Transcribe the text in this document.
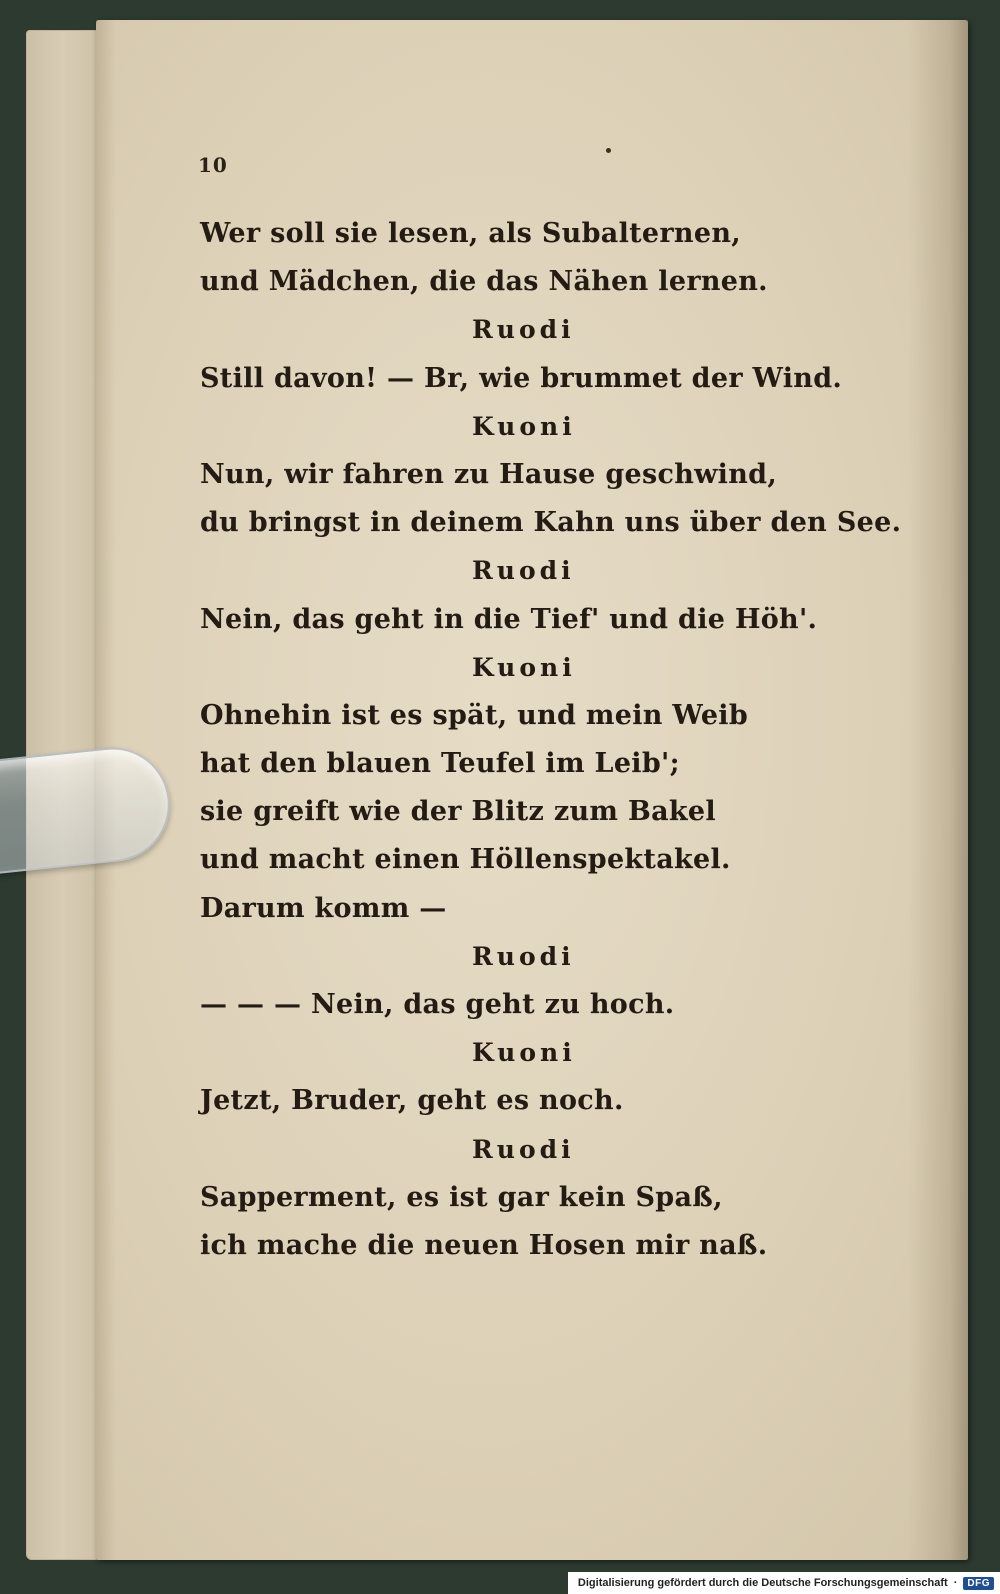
10
Wer soll sie lesen, als Subalternen,
und Mädchen, die das Nähen lernen.
Ruodi
Still davon! — Br, wie brummet der Wind.
Kuoni
Nun, wir fahren zu Hause geschwind,
du bringst in deinem Kahn uns über den See.
Ruodi
Nein, das geht in die Tief' und die Höh'.
Kuoni
Ohnehin ist es spät, und mein Weib
hat den blauen Teufel im Leib';
sie greift wie der Blitz zum Bakel
und macht einen Höllenspektakel.
Darum komm —
Ruodi
— — — Nein, das geht zu hoch.
Kuoni
Jetzt, Bruder, geht es noch.
Ruodi
Sapperment, es ist gar kein Spaß,
ich mache die neuen Hosen mir naß.
Digitalisierung gefördert durch die Deutsche Forschungsgemeinschaft ·	DFG
